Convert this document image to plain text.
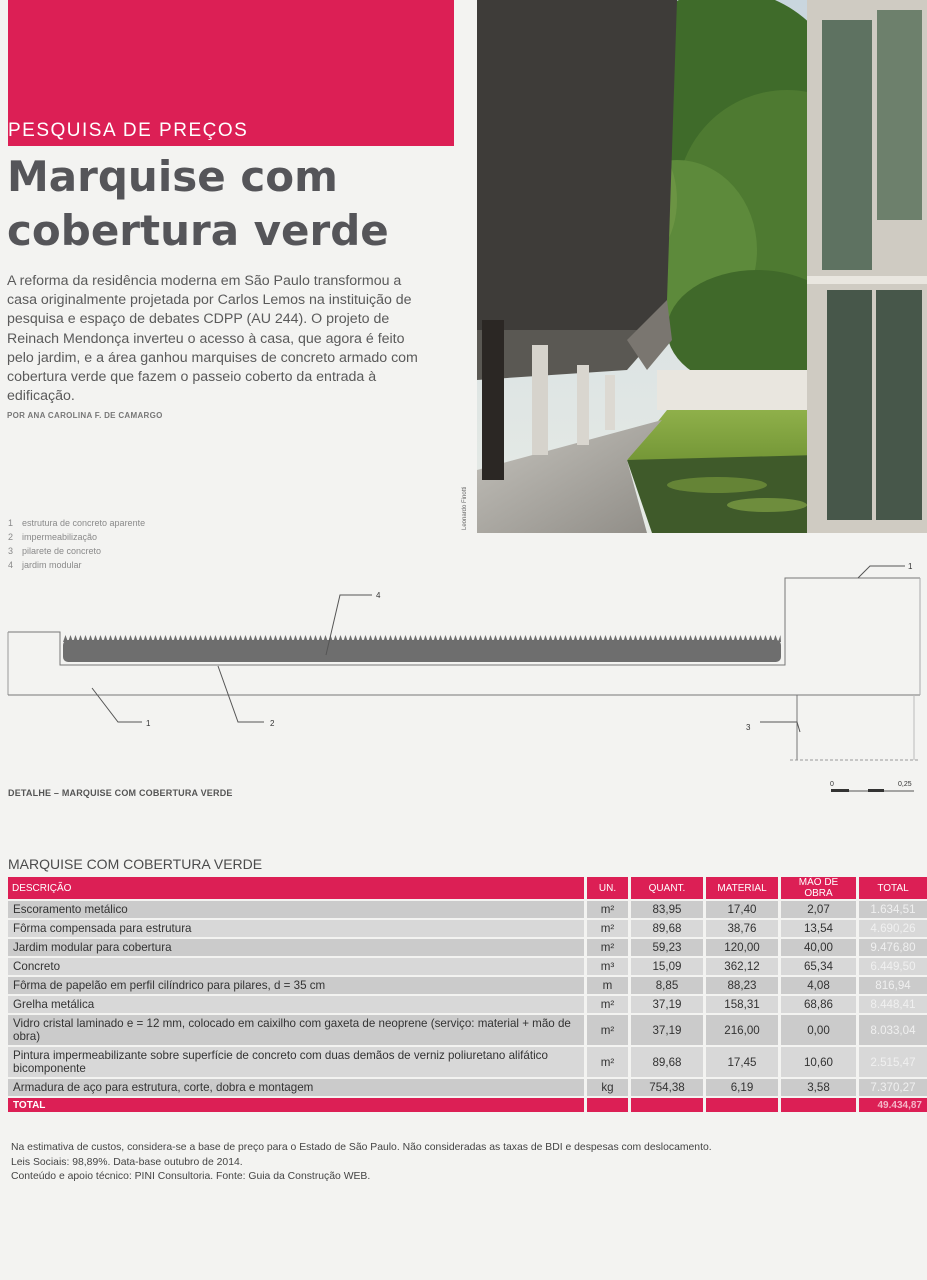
PESQUISA DE PREÇOS
Marquise com
cobertura verde

A reforma da residência moderna em São Paulo transformou a casa originalmente projetada por Carlos Lemos na instituição de pesquisa e espaço de debates CDPP (AU 244). O projeto de Reinach Mendonça inverteu o acesso à casa, que agora é feito pelo jardim, e a área ganhou marquises de concreto armado com cobertura verde que fazem o passeio coberto da entrada à edificação.

POR ANA CAROLINA F. DE CAMARGO
Leonardo Finotti
1 estrutura de concreto aparente
2 impermeabilização
3 pilarete de concreto
4 jardim modular
1	2	3
4
1
DETALHE – MARQUISE COM COBERTURA VERDE
0	0,25
MARQUISE COM COBERTURA VERDE
DESCRIÇÃO	UN.	QUANT.	MATERIAL	MÃO DE OBRA	TOTAL
Escoramento metálico	m²	83,95	17,40	2,07	1.634,51
Fôrma compensada para estrutura	m²	89,68	38,76	13,54	4.690,26
Jardim modular para cobertura	m²	59,23	120,00	40,00	9.476,80
Concreto	m³	15,09	362,12	65,34	6.449,50
Fôrma de papelão em perfil cilíndrico para pilares, d = 35 cm	m	8,85	88,23	4,08	816,94
Grelha metálica	m²	37,19	158,31	68,86	8.448,41
Vidro cristal laminado e = 12 mm, colocado em caixilho com gaxeta de neoprene (serviço: material + mão de obra)	m²	37,19	216,00	0,00	8.033,04
Pintura impermeabilizante sobre superfície de concreto com duas demãos de verniz poliuretano alifático bicomponente	m²	89,68	17,45	10,60	2.515,47
Armadura de aço para estrutura, corte, dobra e montagem	kg	754,38	6,19	3,58	7.370,27
TOTAL					49.434,87
Na estimativa de custos, considera-se a base de preço para o Estado de São Paulo. Não consideradas as taxas de BDI e despesas com deslocamento.
Leis Sociais: 98,89%. Data-base outubro de 2014.
Conteúdo e apoio técnico: PINI Consultoria. Fonte: Guia da Construção WEB.
